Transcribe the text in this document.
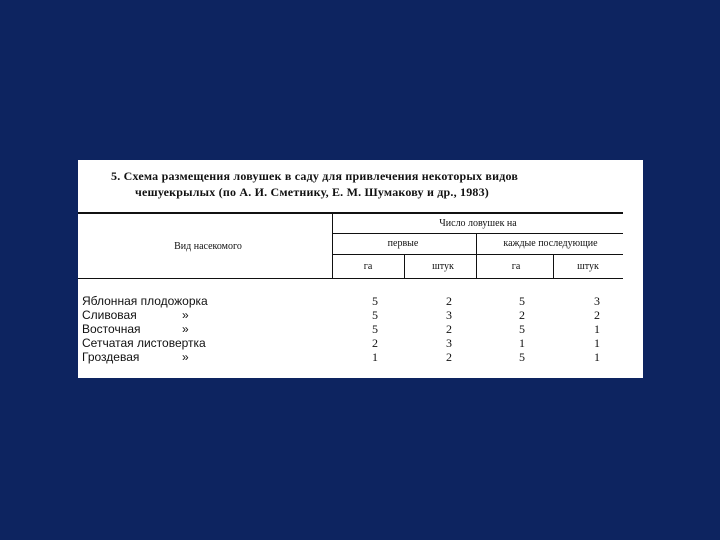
5. Схема размещения ловушек в саду для привлечения некоторых видов
чешуекрылых (по А. И. Сметнику, Е. М. Шумакову и др., 1983)
Вид насекомого
Число ловушек на
первые	каждые последующие
га	штук	га	штук
Яблонная плодожорка	5	2	5	3
Сливовая	»	5	3	2	2
Восточная	»	5	2	5	1
Сетчатая листовертка	2	3	1	1
Гроздевая	»	1	2	5	1
